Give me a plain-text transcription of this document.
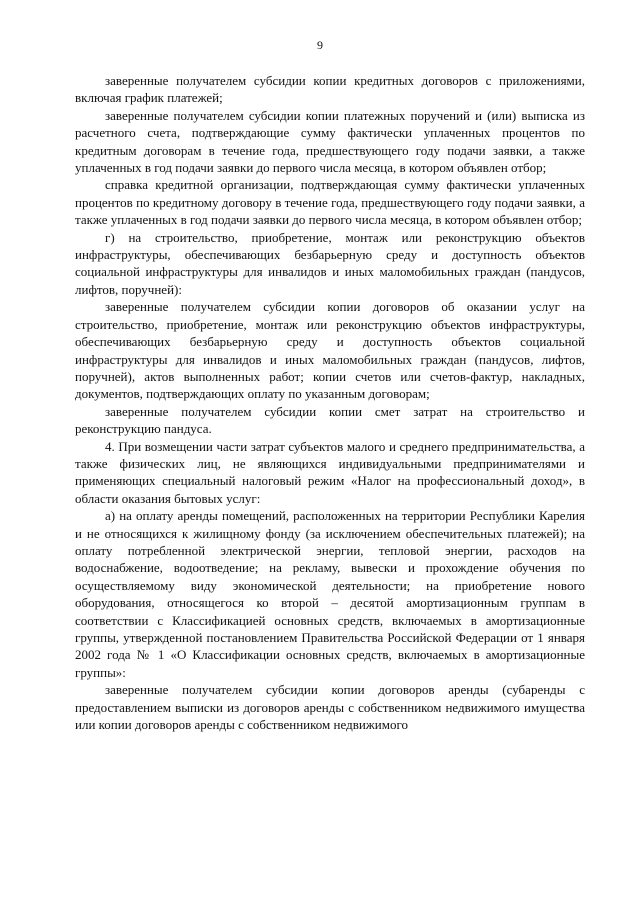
9

заверенные получателем субсидии копии кредитных договоров с приложениями, включая график платежей;

заверенные получателем субсидии копии платежных поручений и (или) выписка из расчетного счета, подтверждающие сумму фактически уплаченных процентов по кредитным договорам в течение года, предшествующего году подачи заявки, а также уплаченных в год подачи заявки до первого числа месяца, в котором объявлен отбор;

справка кредитной организации, подтверждающая сумму фактически уплаченных процентов по кредитному договору в течение года, предшествующего году подачи заявки, а также уплаченных в год подачи заявки до первого числа месяца, в котором объявлен отбор;

г) на строительство, приобретение, монтаж или реконструкцию объектов инфраструктуры, обеспечивающих безбарьерную среду и доступность объектов социальной инфраструктуры для инвалидов и иных маломобильных граждан (пандусов, лифтов, поручней):

заверенные получателем субсидии копии договоров об оказании услуг на строительство, приобретение, монтаж или реконструкцию объектов инфраструктуры, обеспечивающих безбарьерную среду и доступность объектов социальной инфраструктуры для инвалидов и иных маломобильных граждан (пандусов, лифтов, поручней), актов выполненных работ; копии счетов или счетов-фактур, накладных, документов, подтверждающих оплату по указанным договорам;

заверенные получателем субсидии копии смет затрат на строительство и реконструкцию пандуса.

4. При возмещении части затрат субъектов малого и среднего предпринимательства, а также физических лиц, не являющихся индивидуальными предпринимателями и применяющих специальный налоговый режим «Налог на профессиональный доход», в области оказания бытовых услуг:

а) на оплату аренды помещений, расположенных на территории Республики Карелия и не относящихся к жилищному фонду (за исключением обеспечительных платежей); на оплату потребленной электрической энергии, тепловой энергии, расходов на водоснабжение, водоотведение; на рекламу, вывески и прохождение обучения по осуществляемому виду экономической деятельности; на приобретение нового оборудования, относящегося ко второй – десятой амортизационным группам в соответствии с Классификацией основных средств, включаемых в амортизационные группы, утвержденной постановлением Правительства Российской Федерации от 1 января 2002 года № 1 «О Классификации основных средств, включаемых в амортизационные группы»:

заверенные получателем субсидии копии договоров аренды (субаренды с предоставлением выписки из договоров аренды с собственником недвижимого имущества или копии договоров аренды с собственником недвижимого
